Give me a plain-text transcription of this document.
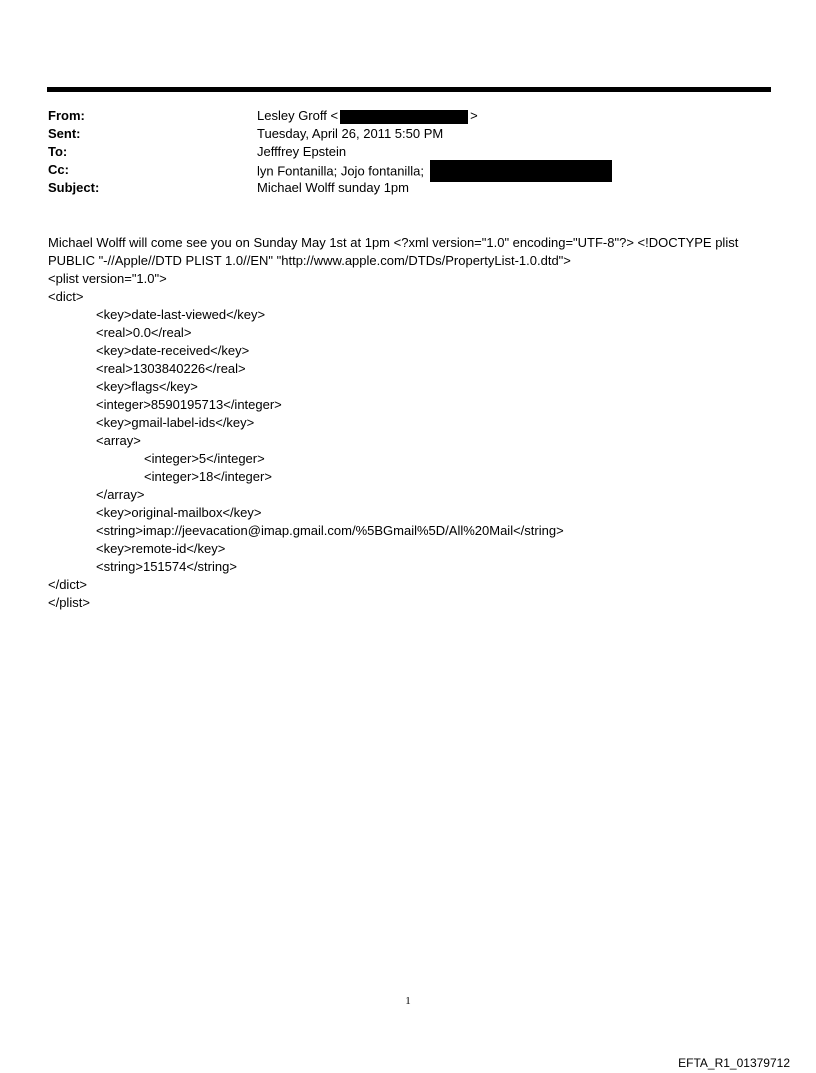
From:	Lesley Groff <	>
Sent:	Tuesday, April 26, 2011 5:50 PM
To:	Jefffrey Epstein
Cc:	lyn Fontanilla; Jojo fontanilla;
Subject:	Michael Wolff sunday 1pm

Michael Wolff will come see you on Sunday May 1st at 1pm <?xml version="1.0" encoding="UTF-8"?> <!DOCTYPE plist PUBLIC "-//Apple//DTD PLIST 1.0//EN" "http://www.apple.com/DTDs/PropertyList-1.0.dtd">

<plist version="1.0">

<dict>

<key>date-last-viewed</key>

<real>0.0</real>

<key>date-received</key>

<real>1303840226</real>

<key>flags</key>

<integer>8590195713</integer>

<key>gmail-label-ids</key>

<array>

<integer>5</integer>

<integer>18</integer>

</array>

<key>original-mailbox</key>

<string>imap://jeevacation@imap.gmail.com/%5BGmail%5D/All%20Mail</string>

<key>remote-id</key>

<string>151574</string>

</dict>

</plist>

1
EFTA_R1_01379712
